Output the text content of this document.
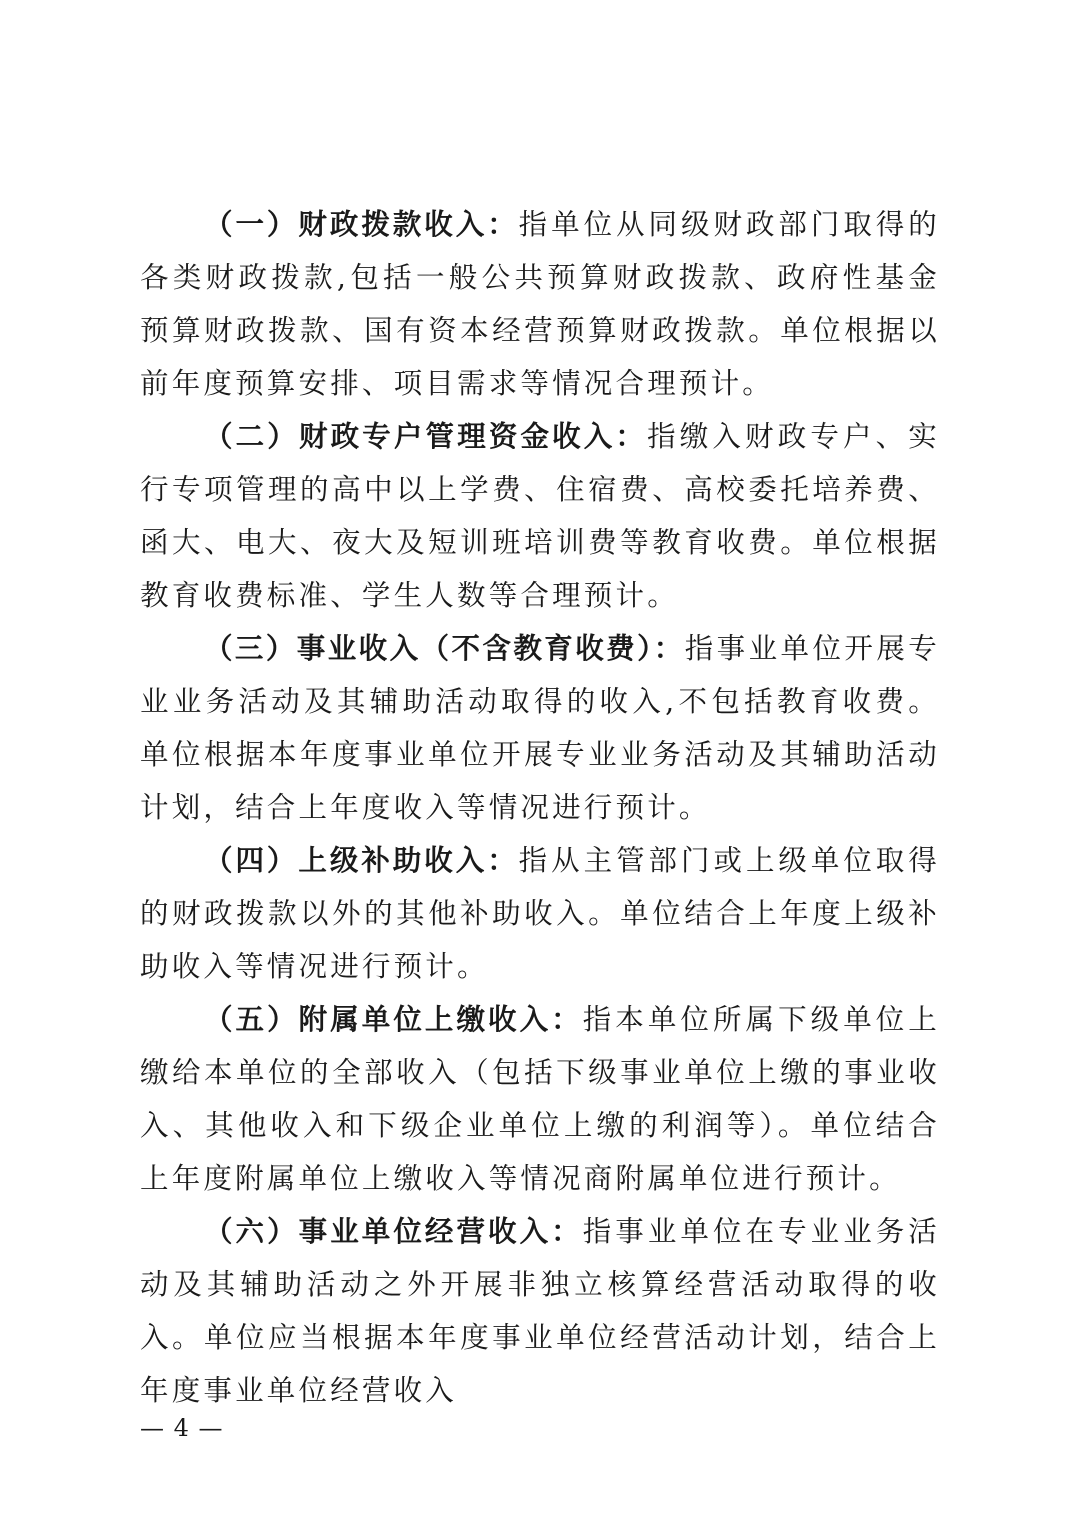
（一）财政拨款收入：指单位从同级财政部门取得的各类财政拨款,包括一般公共预算财政拨款、政府性基金预算财政拨款、国有资本经营预算财政拨款。单位根据以前年度预算安排、项目需求等情况合理预计。

（二）财政专户管理资金收入：指缴入财政专户、实行专项管理的高中以上学费、住宿费、高校委托培养费、函大、电大、夜大及短训班培训费等教育收费。单位根据教育收费标准、学生人数等合理预计。

（三）事业收入（不含教育收费）：指事业单位开展专业业务活动及其辅助活动取得的收入,不包括教育收费。单位根据本年度事业单位开展专业业务活动及其辅助活动计划，结合上年度收入等情况进行预计。

（四）上级补助收入：指从主管部门或上级单位取得的财政拨款以外的其他补助收入。单位结合上年度上级补助收入等情况进行预计。

（五）附属单位上缴收入：指本单位所属下级单位上缴给本单位的全部收入（包括下级事业单位上缴的事业收入、其他收入和下级企业单位上缴的利润等）。单位结合上年度附属单位上缴收入等情况商附属单位进行预计。

（六）事业单位经营收入：指事业单位在专业业务活动及其辅助活动之外开展非独立核算经营活动取得的收入。单位应当根据本年度事业单位经营活动计划，结合上年度事业单位经营收入

— 4 —
